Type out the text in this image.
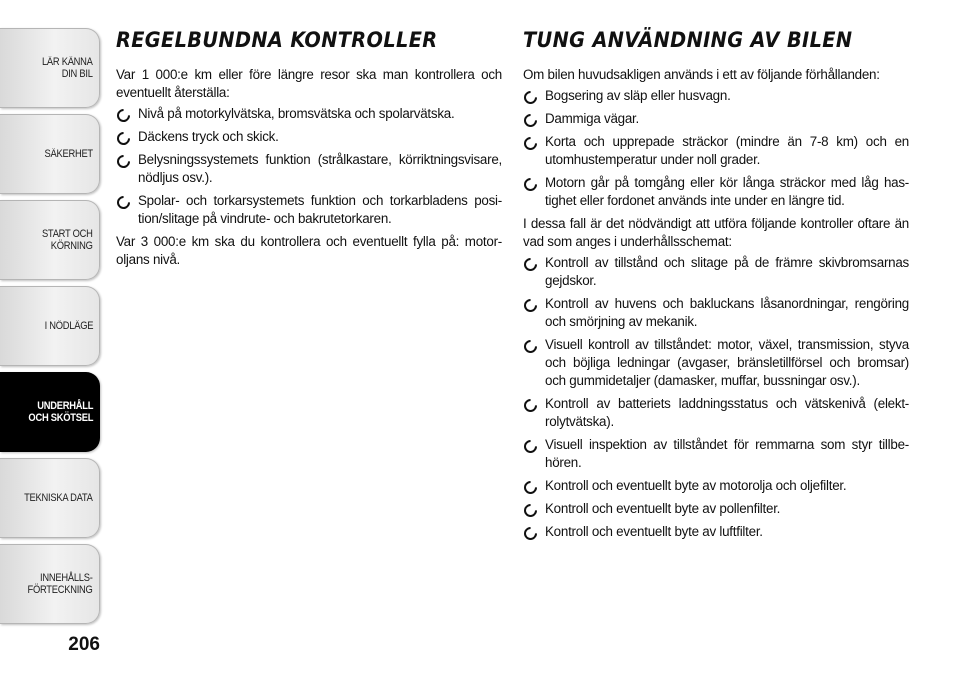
LÄR KÄNNA
DIN BIL
SÄKERHET
START OCH
KÖRNING
I NÖDLÄGE
UNDERHÅLL
OCH SKÖTSEL
TEKNISKA DATA
INNEHÅLLS-
FÖRTECKNING
206
REGELBUNDNA KONTROLLER

Var 1 000:e km eller före längre resor ska man kontrollera och eventuellt återställa:

Nivå på motorkylvätska, bromsvätska och spolarvätska.
Däckens tryck och skick.
Belysningssystemets funktion (strålkastare, körriktningsvisare, nödljus osv.).
Spolar- och torkarsystemets funktion och torkarbladens posi-tion/slitage på vindrute- och bakrutetorkaren.

Var 3 000:e km ska du kontrollera och eventuellt fylla på: motor-oljans nivå.

TUNG ANVÄNDNING AV BILEN

Om bilen huvudsakligen används i ett av följande förhållanden:

Bogsering av släp eller husvagn.
Dammiga vägar.
Korta och upprepade sträckor (mindre än 7-8 km) och en utomhustemperatur under noll grader.
Motorn går på tomgång eller kör långa sträckor med låg has-tighet eller fordonet används inte under en längre tid.

I dessa fall är det nödvändigt att utföra följande kontroller oftare än vad som anges i underhållsschemat:

Kontroll av tillstånd och slitage på de främre skivbromsarnas gejdskor.
Kontroll av huvens och bakluckans låsanordningar, rengöring och smörjning av mekanik.
Visuell kontroll av tillståndet: motor, växel, transmission, styva och böjliga ledningar (avgaser, bränsletillförsel och bromsar) och gummidetaljer (damasker, muffar, bussningar osv.).
Kontroll av batteriets laddningsstatus och vätskenivå (elekt-rolytvätska).
Visuell inspektion av tillståndet för remmarna som styr tillbe-hören.
Kontroll och eventuellt byte av motorolja och oljefilter.
Kontroll och eventuellt byte av pollenfilter.
Kontroll och eventuellt byte av luftfilter.
